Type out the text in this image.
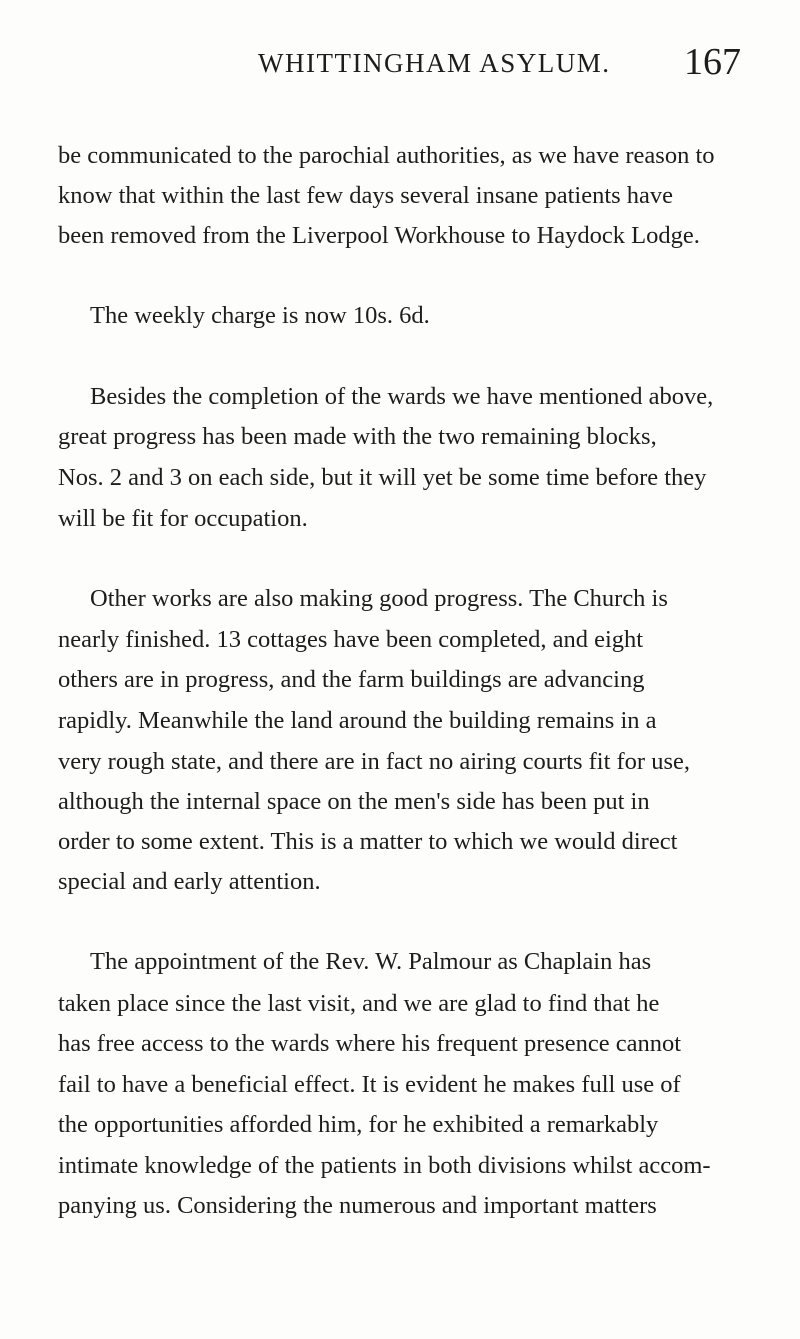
WHITTINGHAM ASYLUM. 167
be communicated to the parochial authorities, as we have reason to
know that within the last few days several insane patients have
been removed from the Liverpool Workhouse to Haydock Lodge.
The weekly charge is now 10s. 6d.
Besides the completion of the wards we have mentioned above,
great progress has been made with the two remaining blocks,
Nos. 2 and 3 on each side, but it will yet be some time before they
will be fit for occupation.
Other works are also making good progress. The Church is
nearly finished. 13 cottages have been completed, and eight
others are in progress, and the farm buildings are advancing
rapidly. Meanwhile the land around the building remains in a
very rough state, and there are in fact no airing courts fit for use,
although the internal space on the men's side has been put in
order to some extent. This is a matter to which we would direct
special and early attention.
The appointment of the Rev. W. Palmour as Chaplain has
taken place since the last visit, and we are glad to find that he
has free access to the wards where his frequent presence cannot
fail to have a beneficial effect. It is evident he makes full use of
the opportunities afforded him, for he exhibited a remarkably
intimate knowledge of the patients in both divisions whilst accom-
panying us. Considering the numerous and important matters
